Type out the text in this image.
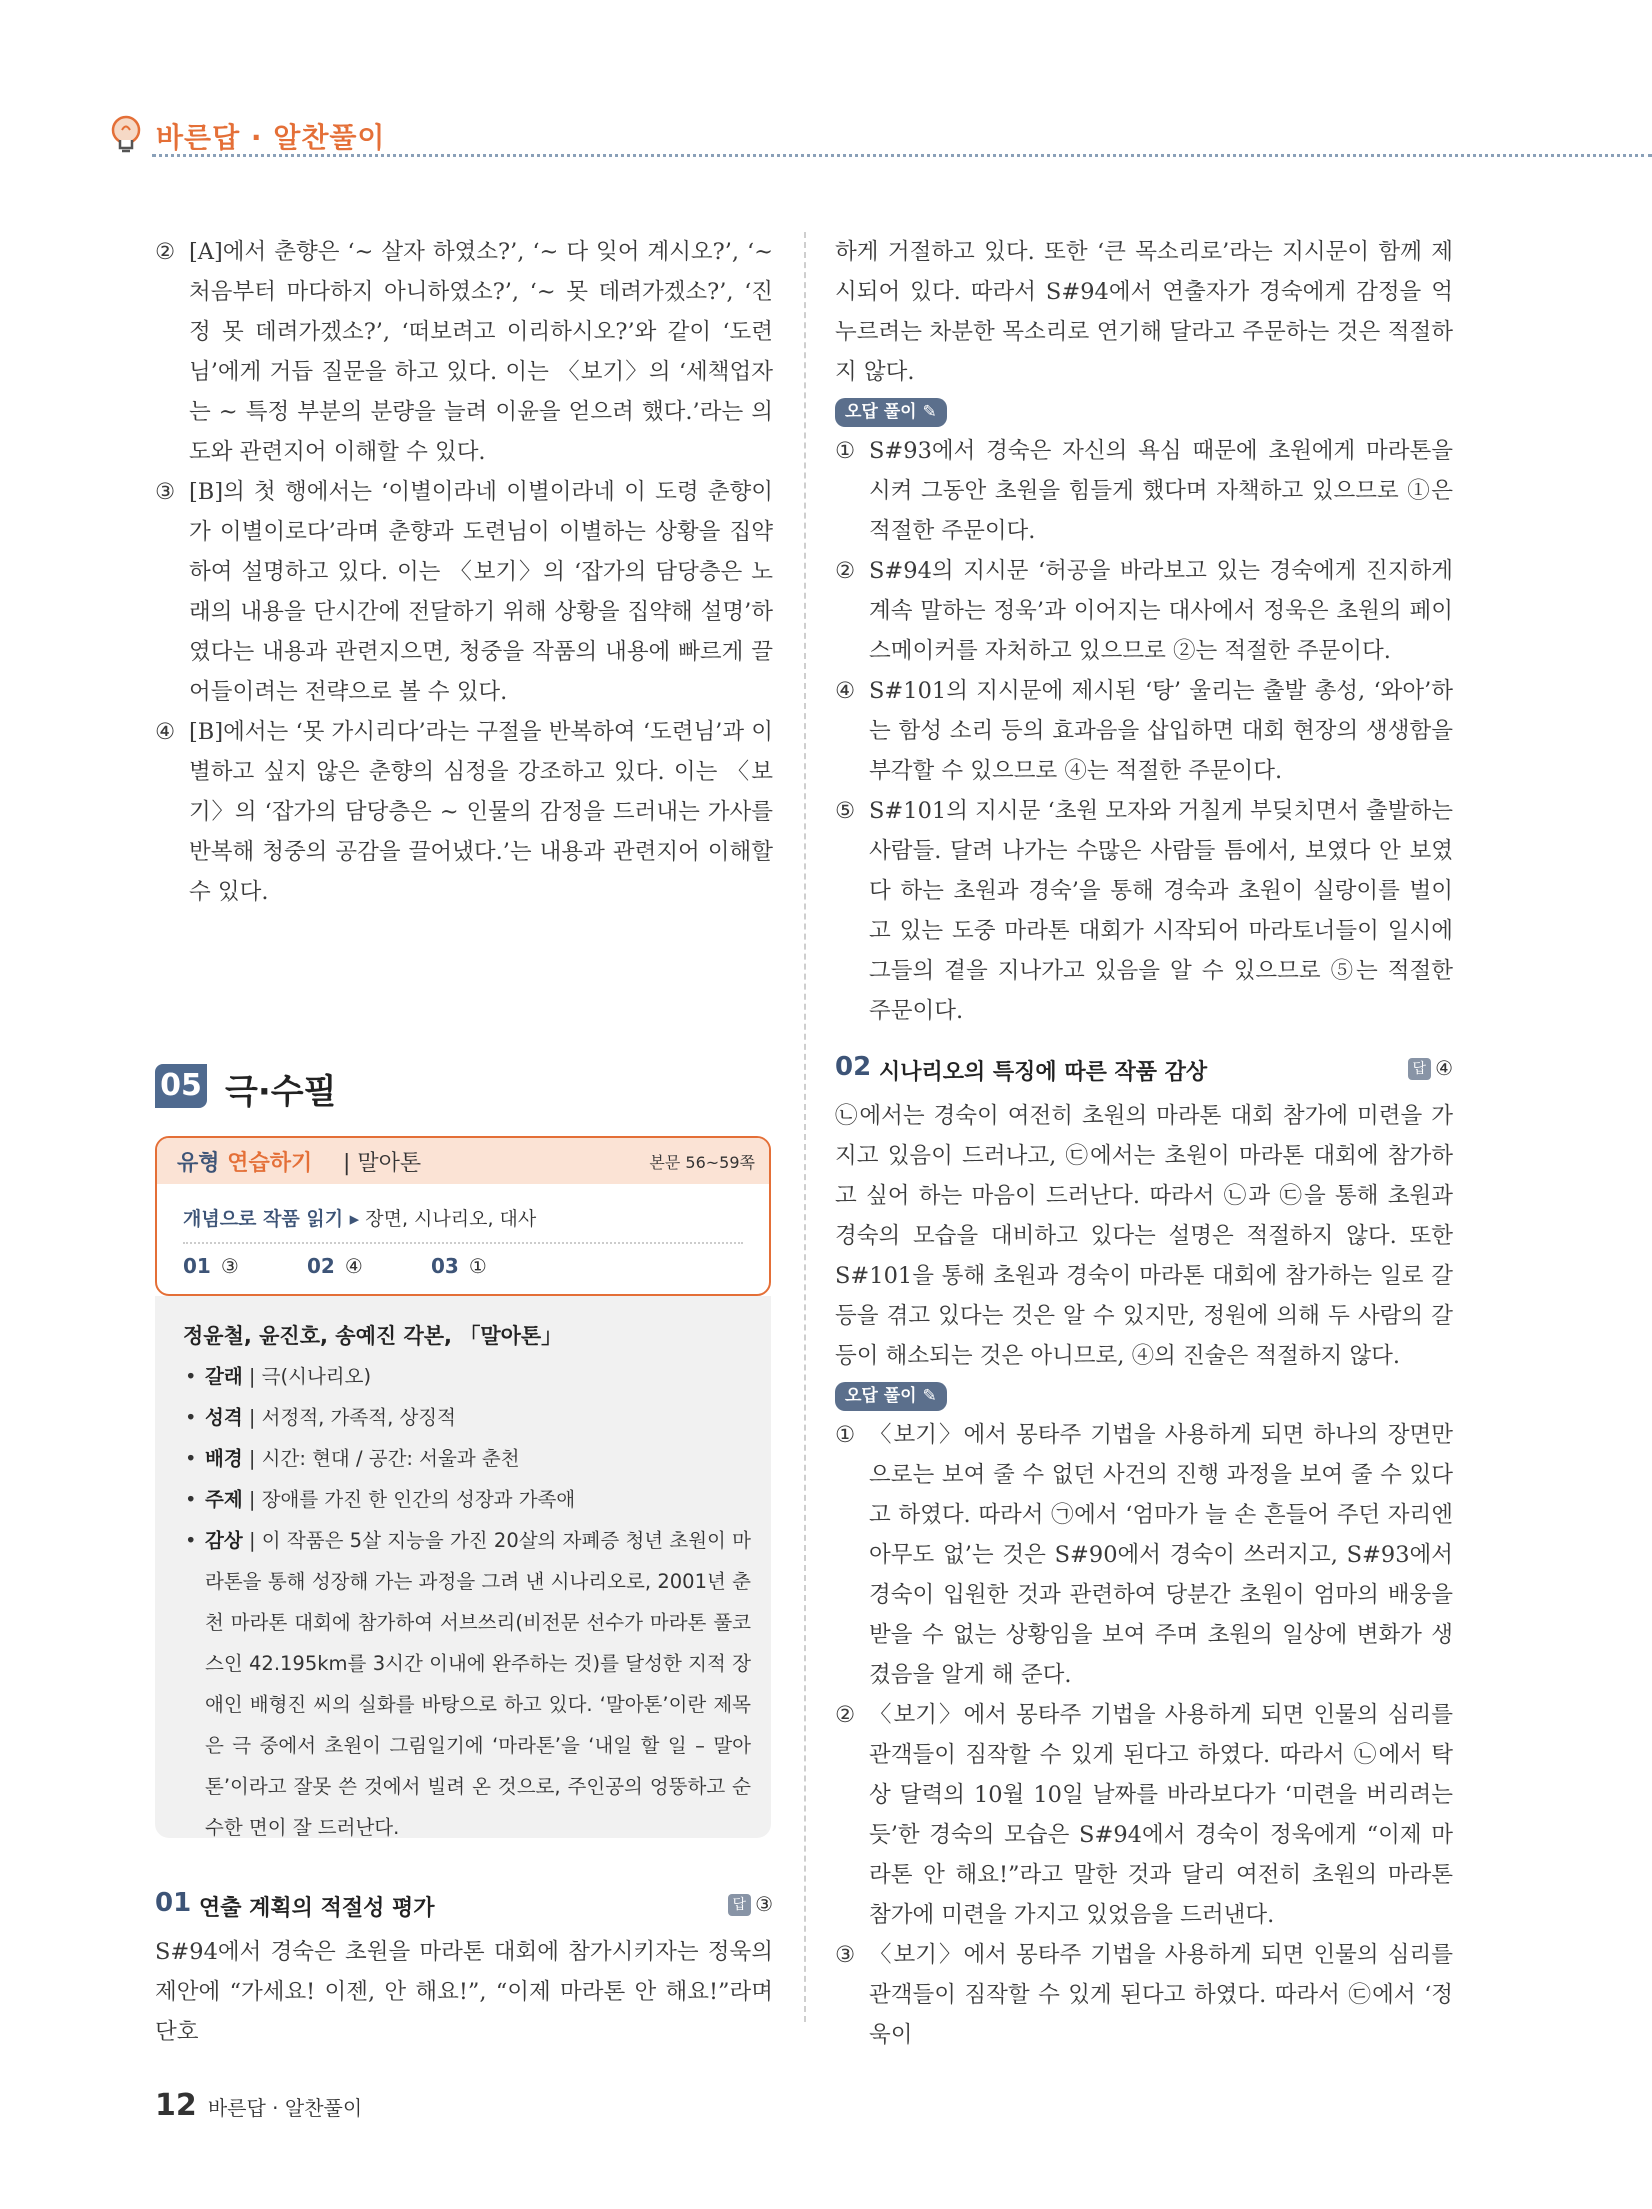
바른답 · 알찬풀이
② [A]에서 춘향은 ‘~ 살자 하였소?’, ‘~ 다 잊어 계시오?’, ‘~ 처음부터 마다하지 아니하였소?’, ‘~ 못 데려가겠소?’, ‘진정 못 데려가겠소?’, ‘떠보려고 이리하시오?’와 같이 ‘도련님’에게 거듭 질문을 하고 있다. 이는 〈보기〉의 ‘세책업자는 ~ 특정 부분의 분량을 늘려 이윤을 얻으려 했다.’라는 의도와 관련지어 이해할 수 있다.
③ [B]의 첫 행에서는 ‘이별이라네 이별이라네 이 도령 춘향이가 이별이로다’라며 춘향과 도련님이 이별하는 상황을 집약하여 설명하고 있다. 이는 〈보기〉의 ‘잡가의 담당층은 노래의 내용을 단시간에 전달하기 위해 상황을 집약해 설명’하였다는 내용과 관련지으면, 청중을 작품의 내용에 빠르게 끌어들이려는 전략으로 볼 수 있다.
④ [B]에서는 ‘못 가시리다’라는 구절을 반복하여 ‘도련님’과 이별하고 싶지 않은 춘향의 심정을 강조하고 있다. 이는 〈보기〉의 ‘잡가의 담당층은 ~ 인물의 감정을 드러내는 가사를 반복해 청중의 공감을 끌어냈다.’는 내용과 관련지어 이해할 수 있다.
05 극·수필
유형 연습하기 | 말아톤	본문 56~59쪽
개념으로 작품 읽기 ▸ 장면, 시나리오, 대사
01 ③	02 ④	03 ①

정윤철, 윤진호, 송예진 각본, 「말아톤」

• 갈래 | 극(시나리오)

• 성격 | 서정적, 가족적, 상징적

• 배경 | 시간: 현대 / 공간: 서울과 춘천

• 주제 | 장애를 가진 한 인간의 성장과 가족애

• 감상 | 이 작품은 5살 지능을 가진 20살의 자폐증 청년 초원이 마라톤을 통해 성장해 가는 과정을 그려 낸 시나리오로, 2001년 춘천 마라톤 대회에 참가하여 서브쓰리(비전문 선수가 마라톤 풀코스인 42.195km를 3시간 이내에 완주하는 것)를 달성한 지적 장애인 배형진 씨의 실화를 바탕으로 하고 있다. ‘말아톤’이란 제목은 극 중에서 초원이 그림일기에 ‘마라톤’을 ‘내일 할 일 – 말아톤’이라고 잘못 쓴 것에서 빌려 온 것으로, 주인공의 엉뚱하고 순수한 면이 잘 드러난다.

01 연출 계획의 적절성 평가	답 ③

S#94에서 경숙은 초원을 마라톤 대회에 참가시키자는 정욱의 제안에 “가세요! 이젠, 안 해요!”, “이제 마라톤 안 해요!”라며 단호

하게 거절하고 있다. 또한 ‘큰 목소리로’라는 지시문이 함께 제시되어 있다. 따라서 S#94에서 연출자가 경숙에게 감정을 억누르려는 차분한 목소리로 연기해 달라고 주문하는 것은 적절하지 않다.

오답 풀이 ✎
① S#93에서 경숙은 자신의 욕심 때문에 초원에게 마라톤을 시켜 그동안 초원을 힘들게 했다며 자책하고 있으므로 ①은 적절한 주문이다.
② S#94의 지시문 ‘허공을 바라보고 있는 경숙에게 진지하게 계속 말하는 정욱’과 이어지는 대사에서 정욱은 초원의 페이스메이커를 자처하고 있으므로 ②는 적절한 주문이다.
④ S#101의 지시문에 제시된 ‘탕’ 울리는 출발 총성, ‘와아’하는 함성 소리 등의 효과음을 삽입하면 대회 현장의 생생함을 부각할 수 있으므로 ④는 적절한 주문이다.
⑤ S#101의 지시문 ‘초원 모자와 거칠게 부딪치면서 출발하는 사람들. 달려 나가는 수많은 사람들 틈에서, 보였다 안 보였다 하는 초원과 경숙’을 통해 경숙과 초원이 실랑이를 벌이고 있는 도중 마라톤 대회가 시작되어 마라토너들이 일시에 그들의 곁을 지나가고 있음을 알 수 있으므로 ⑤는 적절한 주문이다.
02 시나리오의 특징에 따른 작품 감상	답 ④

㉡에서는 경숙이 여전히 초원의 마라톤 대회 참가에 미련을 가지고 있음이 드러나고, ㉢에서는 초원이 마라톤 대회에 참가하고 싶어 하는 마음이 드러난다. 따라서 ㉡과 ㉢을 통해 초원과 경숙의 모습을 대비하고 있다는 설명은 적절하지 않다. 또한 S#101을 통해 초원과 경숙이 마라톤 대회에 참가하는 일로 갈등을 겪고 있다는 것은 알 수 있지만, 정원에 의해 두 사람의 갈등이 해소되는 것은 아니므로, ④의 진술은 적절하지 않다.

오답 풀이 ✎
① 〈보기〉에서 몽타주 기법을 사용하게 되면 하나의 장면만으로는 보여 줄 수 없던 사건의 진행 과정을 보여 줄 수 있다고 하였다. 따라서 ㉠에서 ‘엄마가 늘 손 흔들어 주던 자리엔 아무도 없’는 것은 S#90에서 경숙이 쓰러지고, S#93에서 경숙이 입원한 것과 관련하여 당분간 초원이 엄마의 배웅을 받을 수 없는 상황임을 보여 주며 초원의 일상에 변화가 생겼음을 알게 해 준다.
② 〈보기〉에서 몽타주 기법을 사용하게 되면 인물의 심리를 관객들이 짐작할 수 있게 된다고 하였다. 따라서 ㉡에서 탁상 달력의 10월 10일 날짜를 바라보다가 ‘미련을 버리려는 듯’한 경숙의 모습은 S#94에서 경숙이 정욱에게 “이제 마라톤 안 해요!”라고 말한 것과 달리 여전히 초원의 마라톤 참가에 미련을 가지고 있었음을 드러낸다.
③ 〈보기〉에서 몽타주 기법을 사용하게 되면 인물의 심리를 관객들이 짐작할 수 있게 된다고 하였다. 따라서 ㉢에서 ‘정욱이
12 바른답 · 알찬풀이
